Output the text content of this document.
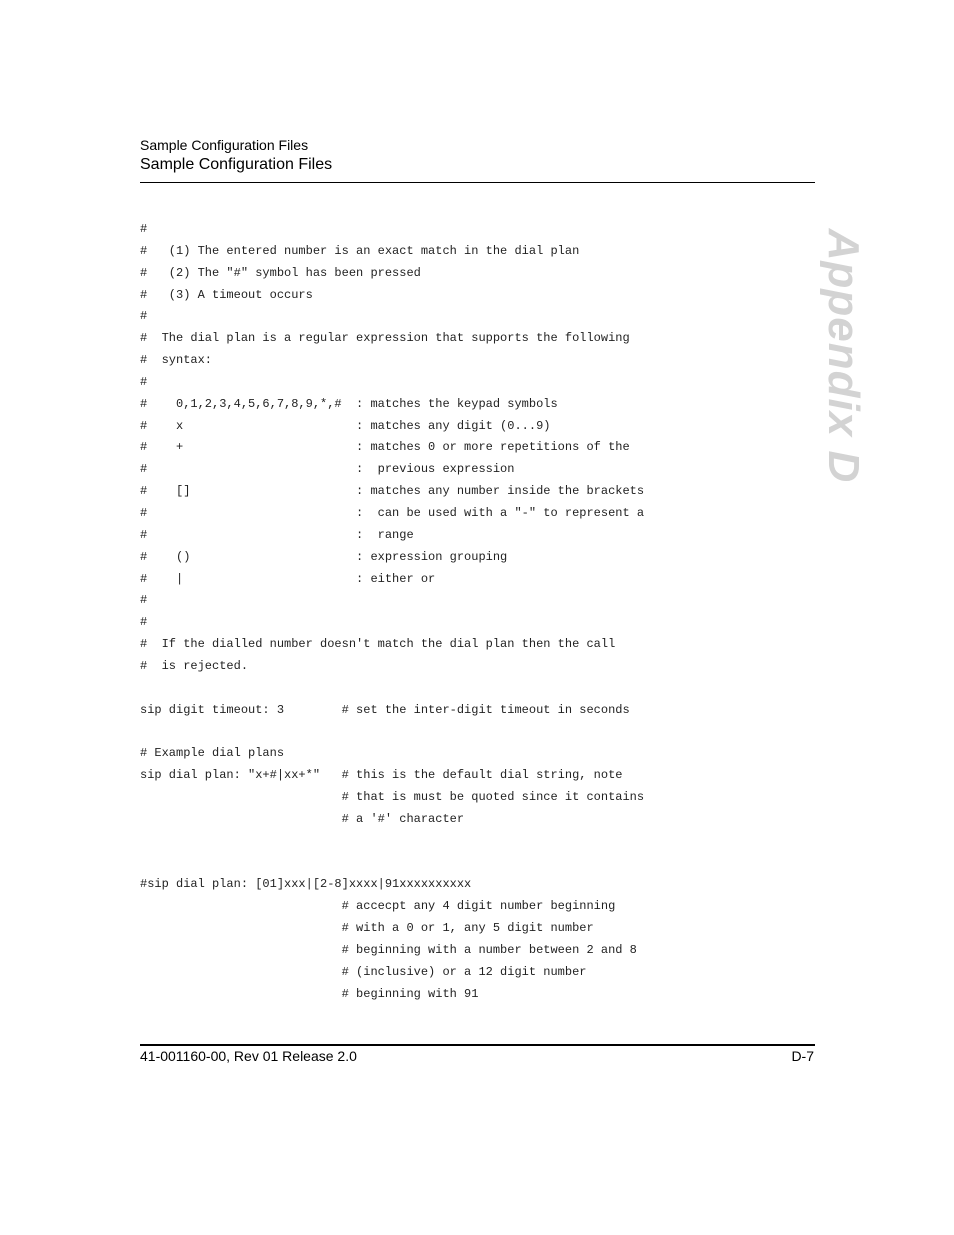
Sample Configuration Files
Sample Configuration Files
Appendix D
#
#   (1) The entered number is an exact match in the dial plan
#   (2) The "#" symbol has been pressed
#   (3) A timeout occurs
#
#  The dial plan is a regular expression that supports the following
#  syntax:
#
#    0,1,2,3,4,5,6,7,8,9,*,#  : matches the keypad symbols
#    x                        : matches any digit (0...9)
#    +                        : matches 0 or more repetitions of the
#                             :  previous expression
#    []                       : matches any number inside the brackets
#                             :  can be used with a "-" to represent a
#                             :  range
#    ()                       : expression grouping
#    |                        : either or
#
#
#  If the dialled number doesn't match the dial plan then the call
#  is rejected.
sip digit timeout: 3        # set the inter-digit timeout in seconds
# Example dial plans
sip dial plan: "x+#|xx+*"   # this is the default dial string, note
# that is must be quoted since it contains
# a '#' character
#sip dial plan: [01]xxx|[2-8]xxxx|91xxxxxxxxxx
# accecpt any 4 digit number beginning
# with a 0 or 1, any 5 digit number
# beginning with a number between 2 and 8
# (inclusive) or a 12 digit number
# beginning with 91
41-001160-00, Rev 01 Release 2.0	D-7
